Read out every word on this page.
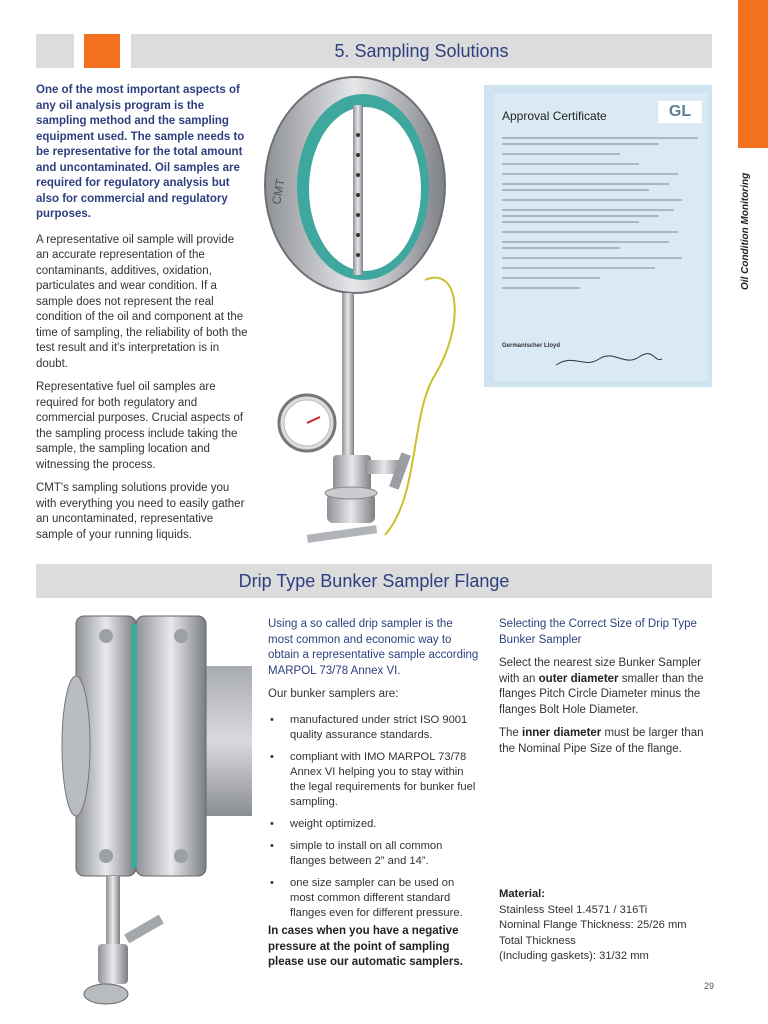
Oil Condition Monitoring
5. Sampling Solutions

One of the most important aspects of any oil analysis program is the sampling method and the sampling equipment used. The sample needs to be representative for the total amount and uncontaminated. Oil samples are required for regulatory analysis but also for commercial and regulatory purposes.

A representative oil sample will provide an accurate representation of the contaminants, additives, oxidation, particulates and wear condition. If a sample does not represent the real condition of the oil and component at the time of sampling, the reliability of both the test result and it's interpretation is in doubt.

Representative fuel oil samples are required for both regulatory and commercial purposes. Crucial aspects of the sampling process include taking the sample, the sampling location and witnessing the process.

CMT's sampling solutions provide you with everything you need to easily gather an uncontaminated, representative sample of your running liquids.

CMT
Approval Certificate	GL
Germanischer Lloyd
Drip Type Bunker Sampler Flange

Using a so called drip sampler is the most common and economic way to obtain a representative sample according MARPOL 73/78 Annex VI.

Our bunker samplers are:

• manufactured under strict ISO 9001 quality assurance standards.
• compliant with IMO MARPOL 73/78 Annex VI helping you to stay within the legal requirements for bunker fuel sampling.
• weight optimized.
• simple to install on all common flanges between 2” and 14”.
• one size sampler can be used on most common different standard flanges even for different pressure.
In cases when you have a negative pressure at the point of sampling please use our automatic samplers.

Selecting the Correct Size of Drip Type Bunker Sampler

Select the nearest size Bunker Sampler with an outer diameter smaller than the flanges Pitch Circle Diameter minus the flanges Bolt Hole Diameter.

The inner diameter must be larger than the Nominal Pipe Size of the flange.

Material:
Stainless Steel 1.4571 / 316Ti
Nominal Flange Thickness: 25/26 mm
Total Thickness
(Including gaskets): 31/32 mm
29
